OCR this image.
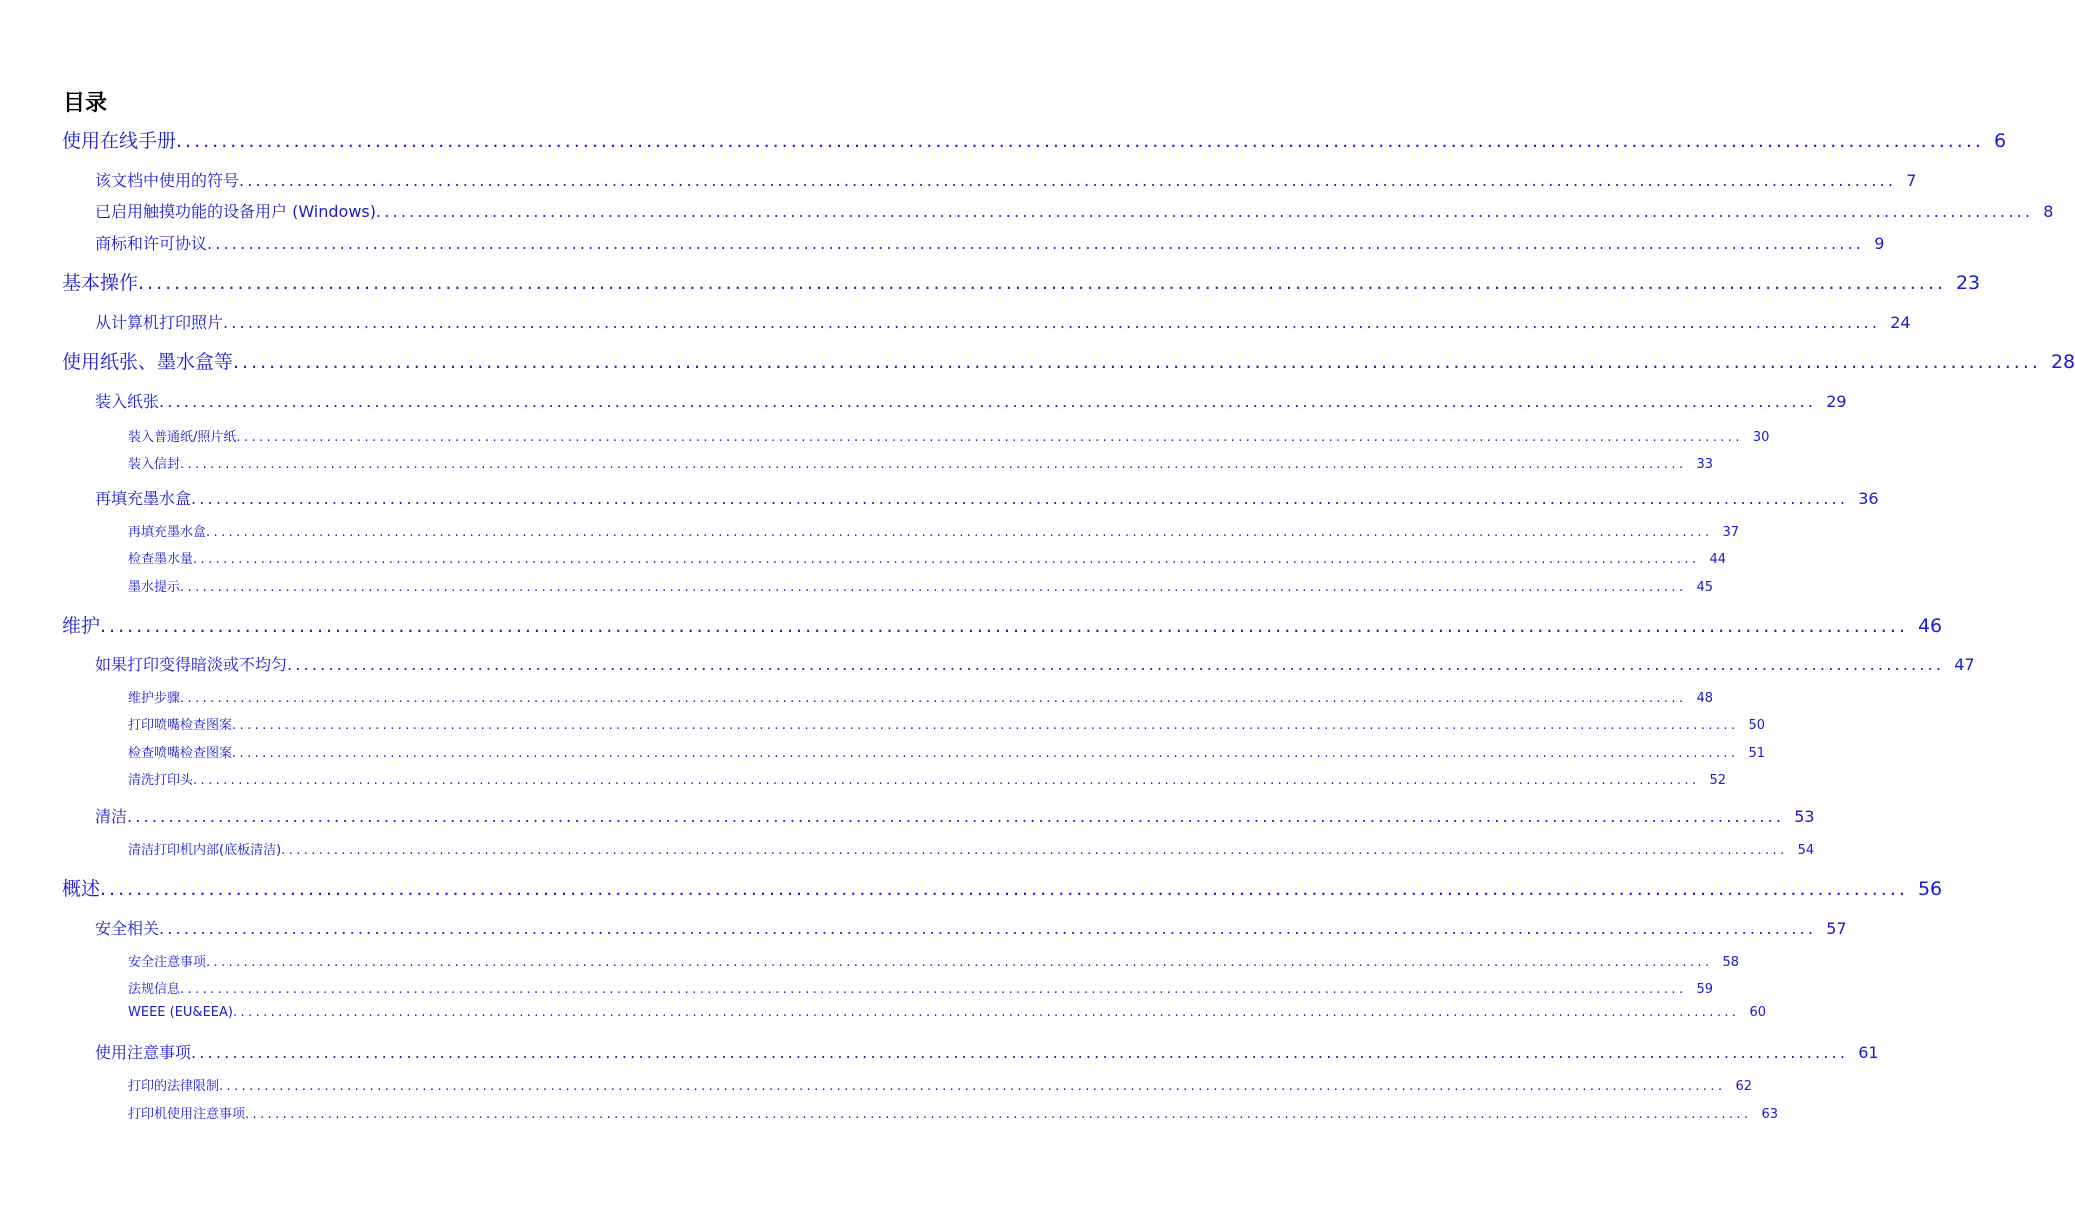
目录
使用在线手册 ........................................................................................................................................................................................................ 6
该文档中使用的符号 ........................................................................................................................................................................................................ 7
已启用触摸功能的设备用户 (Windows) ........................................................................................................................................................................................................ 8
商标和许可协议 ........................................................................................................................................................................................................ 9
基本操作 ........................................................................................................................................................................................................ 23
从计算机打印照片 ........................................................................................................................................................................................................ 24
使用纸张、墨水盒等 ........................................................................................................................................................................................................ 28
装入纸张 ........................................................................................................................................................................................................ 29
装入普通纸/照片纸 ........................................................................................................................................................................................................ 30
装入信封 ........................................................................................................................................................................................................ 33
再填充墨水盒 ........................................................................................................................................................................................................ 36
再填充墨水盒 ........................................................................................................................................................................................................ 37
检查墨水量 ........................................................................................................................................................................................................ 44
墨水提示 ........................................................................................................................................................................................................ 45
维护 ........................................................................................................................................................................................................ 46
如果打印变得暗淡或不均匀 ........................................................................................................................................................................................................ 47
维护步骤 ........................................................................................................................................................................................................ 48
打印喷嘴检查图案 ........................................................................................................................................................................................................ 50
检查喷嘴检查图案 ........................................................................................................................................................................................................ 51
清洗打印头 ........................................................................................................................................................................................................ 52
清洁 ........................................................................................................................................................................................................ 53
清洁打印机内部(底板清洁) ........................................................................................................................................................................................................ 54
概述 ........................................................................................................................................................................................................ 56
安全相关 ........................................................................................................................................................................................................ 57
安全注意事项 ........................................................................................................................................................................................................ 58
法规信息 ........................................................................................................................................................................................................ 59
WEEE (EU&EEA) ........................................................................................................................................................................................................ 60
使用注意事项 ........................................................................................................................................................................................................ 61
打印的法律限制 ........................................................................................................................................................................................................ 62
打印机使用注意事项 ........................................................................................................................................................................................................ 63
